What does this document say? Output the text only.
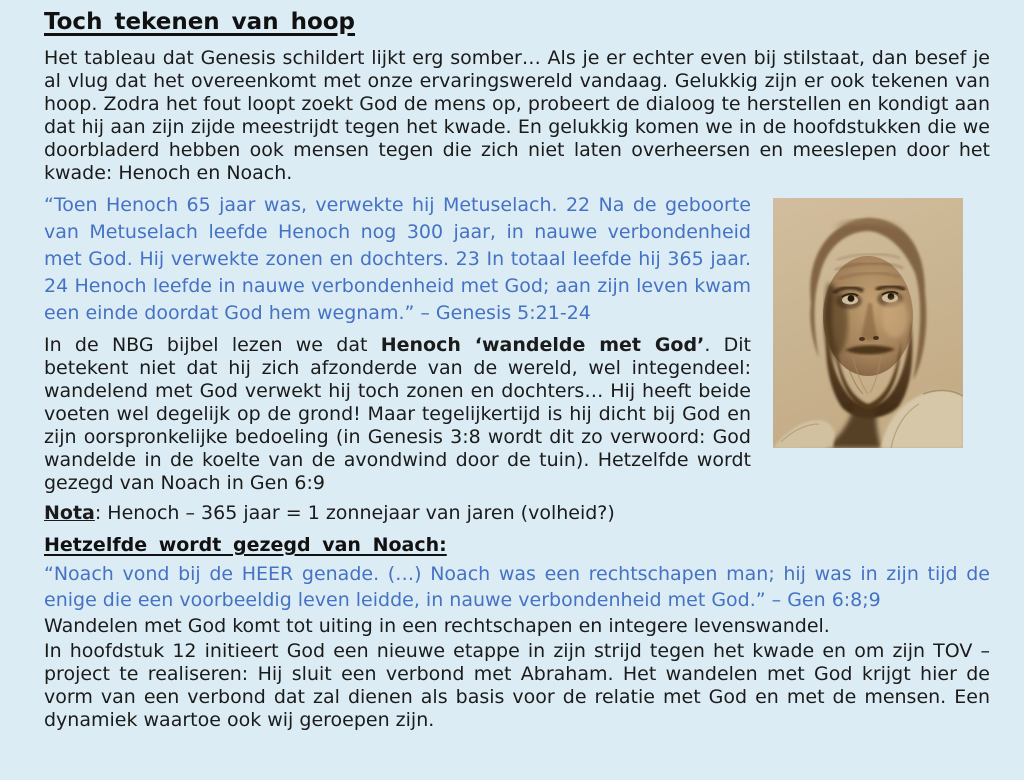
Toch tekenen van hoop

Het tableau dat Genesis schildert lijkt erg somber… Als je er echter even bij stilstaat, dan besef je al vlug dat het overeenkomt met onze ervaringswereld vandaag. Gelukkig zijn er ook tekenen van hoop. Zodra het fout loopt zoekt God de mens op, probeert de dialoog te herstellen en kondigt aan dat hij aan zijn zijde meestrijdt tegen het kwade. En gelukkig komen we in de hoofdstukken die we doorbladerd hebben ook mensen tegen die zich niet laten overheersen en meeslepen door het kwade: Henoch en Noach.

“Toen Henoch 65 jaar was, verwekte hij Metuselach. 22 Na de geboorte van Metuselach leefde Henoch nog 300 jaar, in nauwe verbondenheid met God. Hij verwekte zonen en dochters. 23 In totaal leefde hij 365 jaar. 24 Henoch leefde in nauwe verbondenheid met God; aan zijn leven kwam een einde doordat God hem wegnam.” – Genesis 5:21-24

In de NBG bijbel lezen we dat Henoch ‘wandelde met God’. Dit betekent niet dat hij zich afzonderde van de wereld, wel integendeel: wandelend met God verwekt hij toch zonen en dochters… Hij heeft beide voeten wel degelijk op de grond! Maar tegelijkertijd is hij dicht bij God en zijn oorspronkelijke bedoeling (in Genesis 3:8 wordt dit zo verwoord: God wandelde in de koelte van de avondwind door de tuin). Hetzelfde wordt gezegd van Noach in Gen 6:9

Nota: Henoch – 365 jaar = 1 zonnejaar van jaren (volheid?)

Hetzelfde wordt gezegd van Noach:

“Noach vond bij de HEER genade. (…) Noach was een rechtschapen man; hij was in zijn tijd de enige die een voorbeeldig leven leidde, in nauwe verbondenheid met God.” – Gen 6:8;9

Wandelen met God komt tot uiting in een rechtschapen en integere levenswandel.

In hoofdstuk 12 initieert God een nieuwe etappe in zijn strijd tegen het kwade en om zijn TOV – project te realiseren: Hij sluit een verbond met Abraham. Het wandelen met God krijgt hier de vorm van een verbond dat zal dienen als basis voor de relatie met God en met de mensen. Een dynamiek waartoe ook wij geroepen zijn.
